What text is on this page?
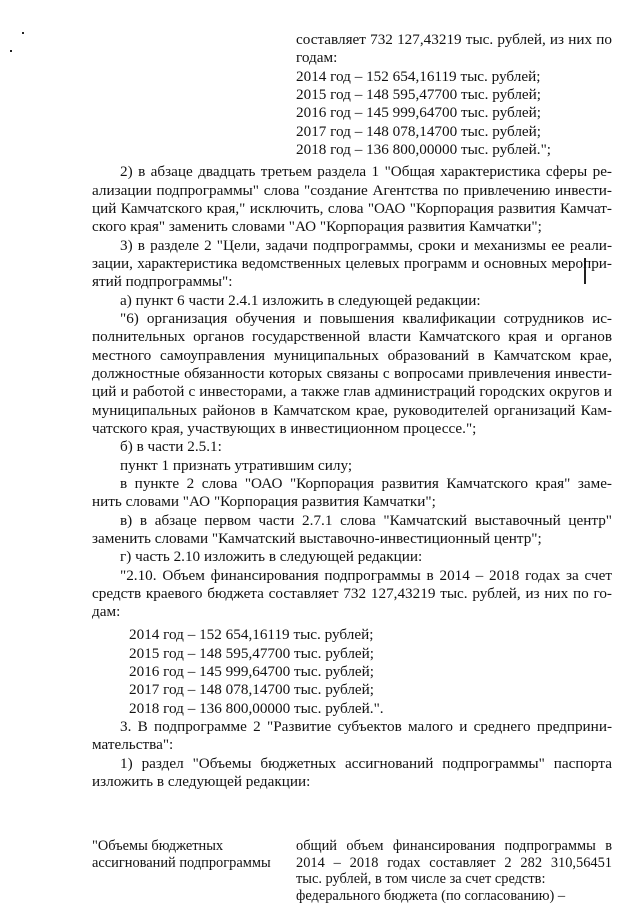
составляет 732 127,43219 тыс. рублей, из них по
годам:
2014 год – 152 654,16119 тыс. рублей;
2015 год – 148 595,47700 тыс. рублей;
2016 год – 145 999,64700 тыс. рублей;
2017 год – 148 078,14700 тыс. рублей;
2018 год – 136 800,00000 тыс. рублей.";
2) в абзаце двадцать третьем раздела 1 "Общая характеристика сферы ре-
ализации подпрограммы" слова "создание Агентства по привлечению инвести-
ций Камчатского края," исключить, слова "ОАО "Корпорация развития Камчат-
ского края" заменить словами "АО "Корпорация развития Камчатки";
3) в разделе 2 "Цели, задачи подпрограммы, сроки и механизмы ее реали-
зации, характеристика ведомственных целевых программ и основных меропри-
ятий подпрограммы":
а) пункт 6 части 2.4.1 изложить в следующей редакции:
"6) организация обучения и повышения квалификации сотрудников ис-
полнительных органов государственной власти Камчатского края и органов
местного самоуправления муниципальных образований в Камчатском крае,
должностные обязанности которых связаны с вопросами привлечения инвести-
ций и работой с инвесторами, а также глав администраций городских округов и
муниципальных районов в Камчатском крае, руководителей организаций Кам-
чатского края, участвующих в инвестиционном процессе.";
б) в части 2.5.1:
пункт 1 признать утратившим силу;
в пункте 2 слова "ОАО "Корпорация развития Камчатского края" заме-
нить словами "АО "Корпорация развития Камчатки";
в) в абзаце первом части 2.7.1 слова "Камчатский выставочный центр"
заменить словами "Камчатский выставочно-инвестиционный центр";
г) часть 2.10 изложить в следующей редакции:
"2.10. Объем финансирования подпрограммы в 2014 – 2018 годах за счет
средств краевого бюджета составляет 732 127,43219 тыс. рублей, из них по го-
дам:
2014 год – 152 654,16119 тыс. рублей;
2015 год – 148 595,47700 тыс. рублей;
2016 год – 145 999,64700 тыс. рублей;
2017 год – 148 078,14700 тыс. рублей;
2018 год – 136 800,00000 тыс. рублей.".
3. В подпрограмме 2 "Развитие субъектов малого и среднего предприни-
мательства":
1) раздел "Объемы бюджетных ассигнований подпрограммы" паспорта
изложить в следующей редакции:
"Объемы бюджетных
ассигнований подпрограммы
общий объем финансирования подпрограммы в
2014 – 2018 годах составляет 2 282 310,56451
тыс. рублей, в том числе за счет средств:
федерального бюджета (по согласованию) –
